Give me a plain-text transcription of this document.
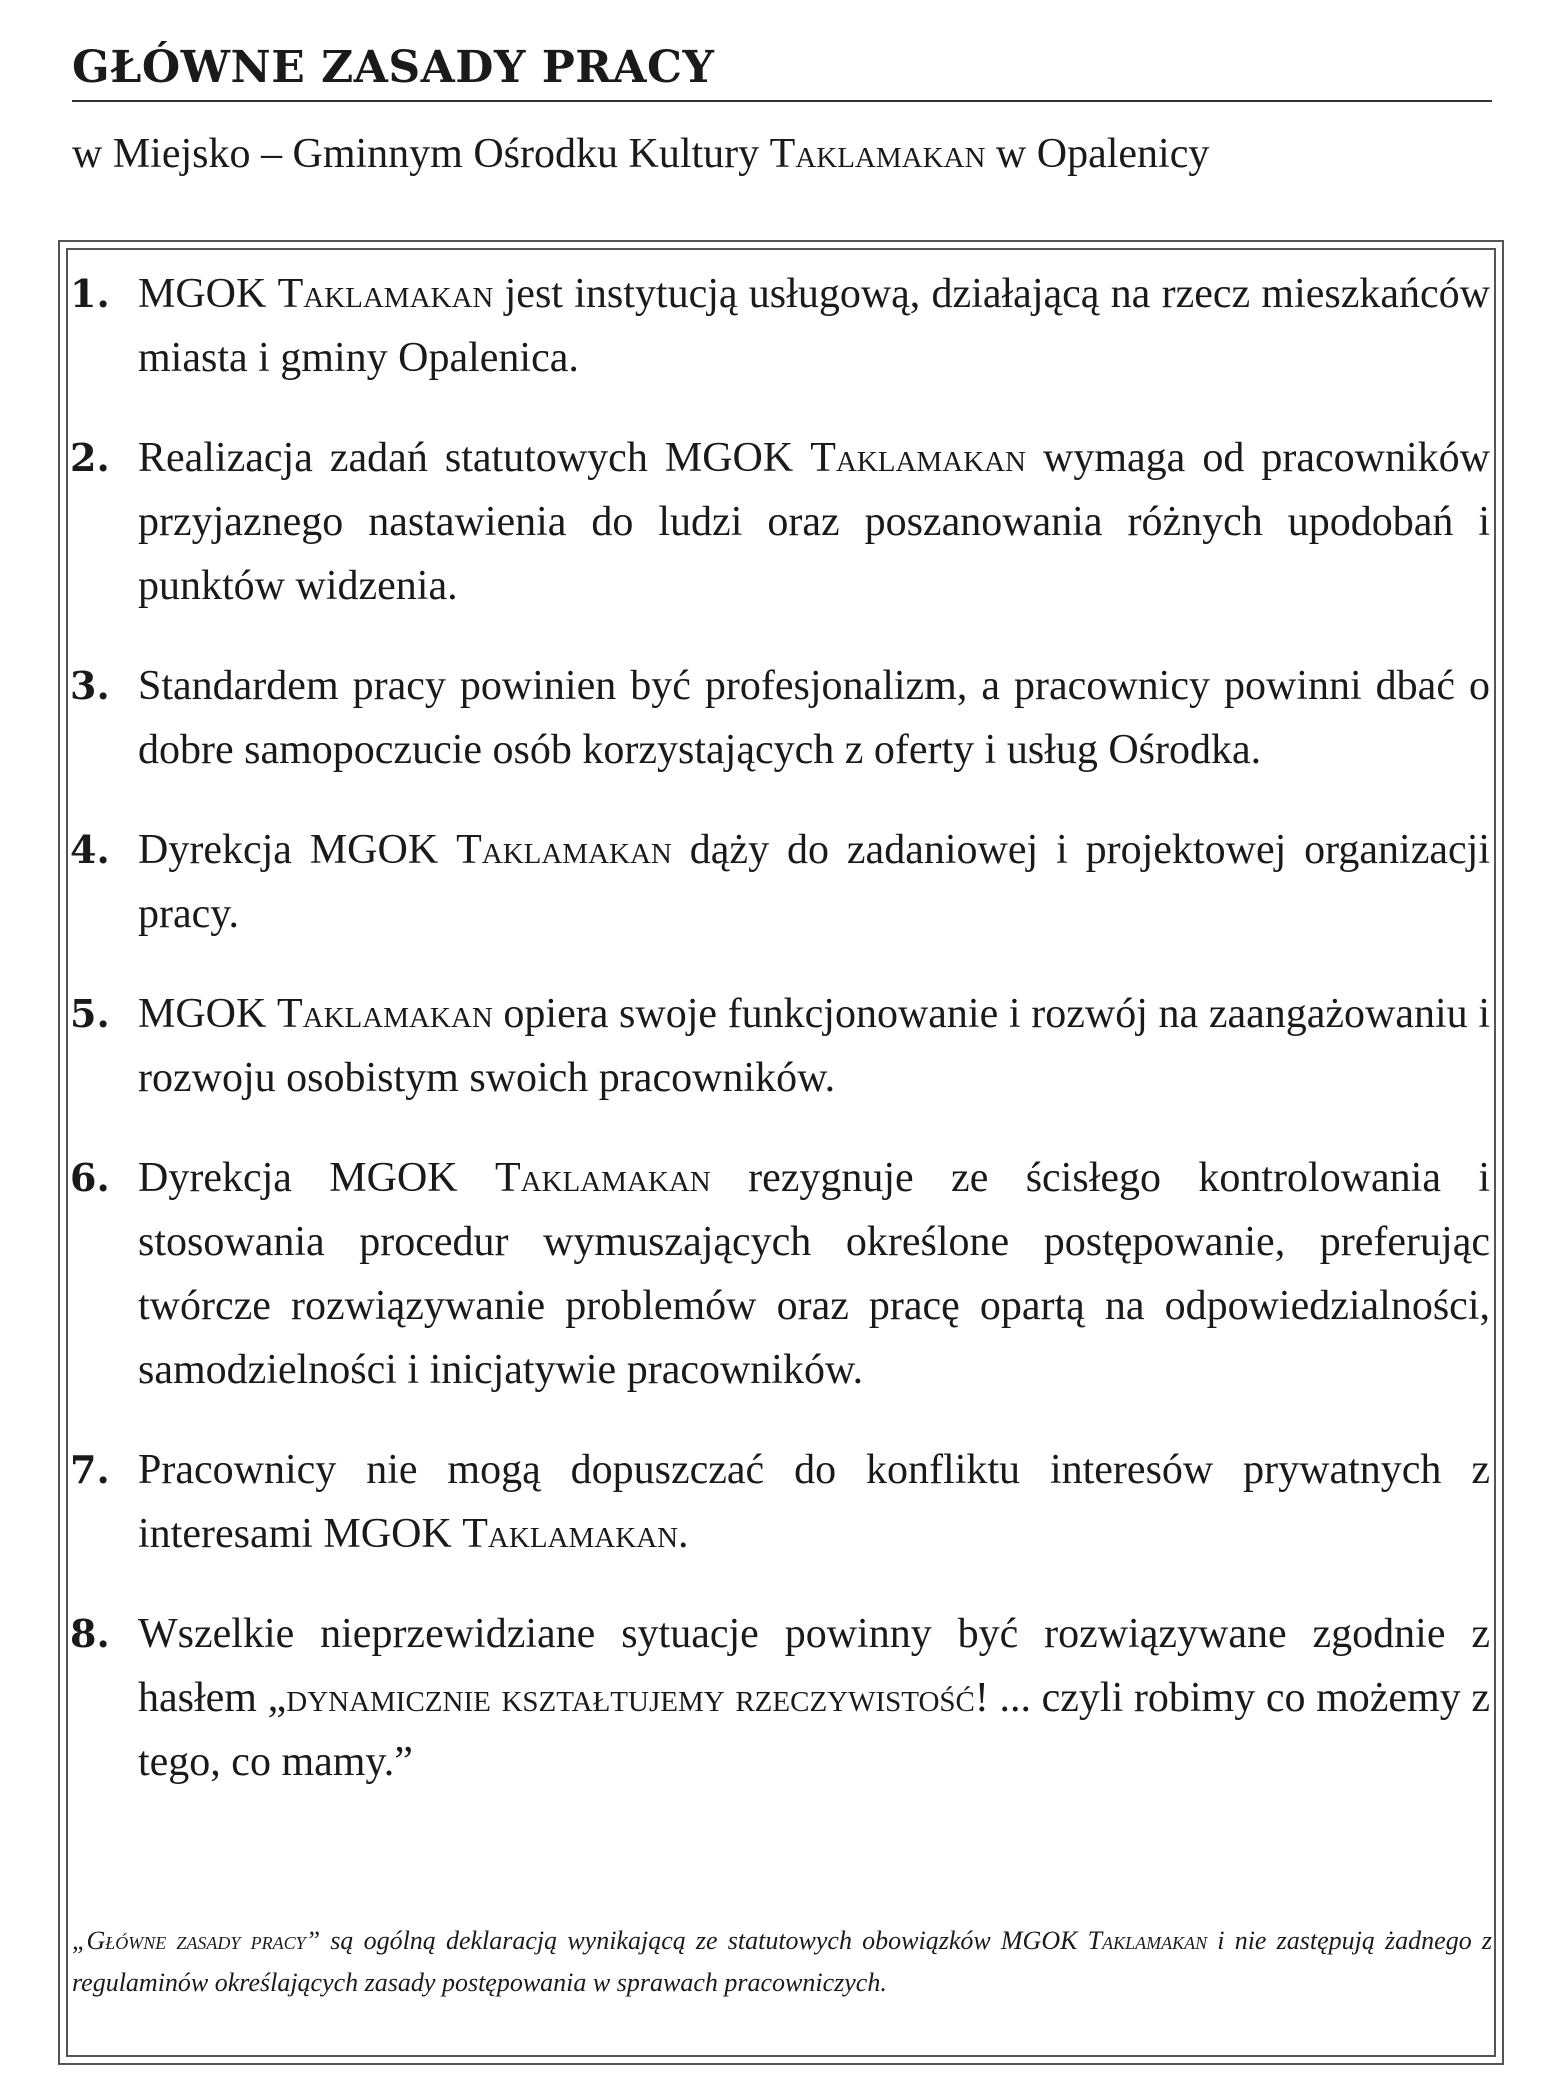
GŁÓWNE ZASADY PRACY

w Miejsko – Gminnym Ośrodku Kultury Taklamakan w Opalenicy

1. MGOK Taklamakan jest instytucją usługową, działającą na rzecz mieszkańców miasta i gminy Opalenica.
2. Realizacja zadań statutowych MGOK Taklamakan wymaga od pracowników przyjaznego nastawienia do ludzi oraz poszanowania różnych upodobań i punktów widzenia.
3. Standardem pracy powinien być profesjonalizm, a pracownicy powinni dbać o dobre samopoczucie osób korzystających z oferty i usług Ośrodka.
4. Dyrekcja MGOK Taklamakan dąży do zadaniowej i projektowej organizacji pracy.
5. MGOK Taklamakan opiera swoje funkcjonowanie i rozwój na zaangażowaniu i rozwoju osobistym swoich pracowników.
6. Dyrekcja MGOK Taklamakan rezygnuje ze ścisłego kontrolowania i stosowania procedur wymuszających określone postępowanie, preferując twórcze rozwiązywanie problemów oraz pracę opartą na odpowiedzialności, samodzielności i inicjatywie pracowników.
7. Pracownicy nie mogą dopuszczać do konfliktu interesów prywatnych z interesami MGOK Taklamakan.
8. Wszelkie nieprzewidziane sytuacje powinny być rozwiązywane zgodnie z hasłem „dynamicznie kształtujemy rzeczywistość! ... czyli robimy co możemy z tego, co mamy.”

„Główne zasady pracy” są ogólną deklaracją wynikającą ze statutowych obowiązków MGOK Taklamakan i nie zastępują żadnego z regulaminów określających zasady postępowania w sprawach pracowniczych.
